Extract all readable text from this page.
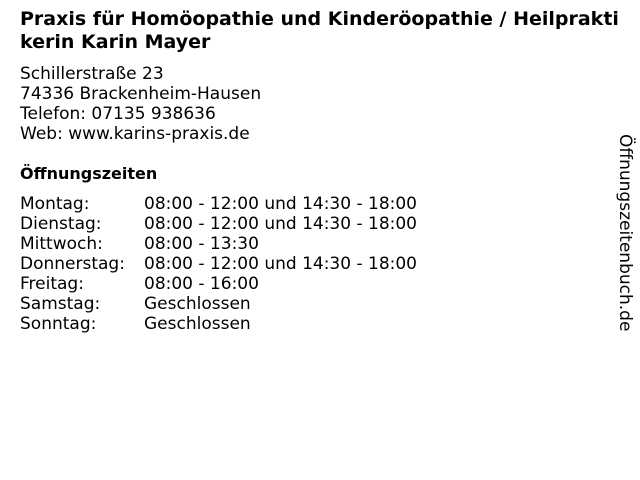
Praxis für Homöopathie und Kinderöopathie / Heilpraktikerin Karin Mayer
Schillerstraße 23
74336 Brackenheim-Hausen
Telefon: 07135 938636
Web: www.karins-praxis.de
Öffnungszeiten
Montag:	08:00 - 12:00 und 14:30 - 18:00
Dienstag: 08:00 - 12:00 und 14:30 - 18:00
Mittwoch: 08:00 - 13:30
Donnerstag: 08:00 - 12:00 und 14:30 - 18:00
Freitag:	08:00 - 16:00
Samstag:	Geschlossen
Sonntag:	Geschlossen	Öffnungszeitenbuch.de
